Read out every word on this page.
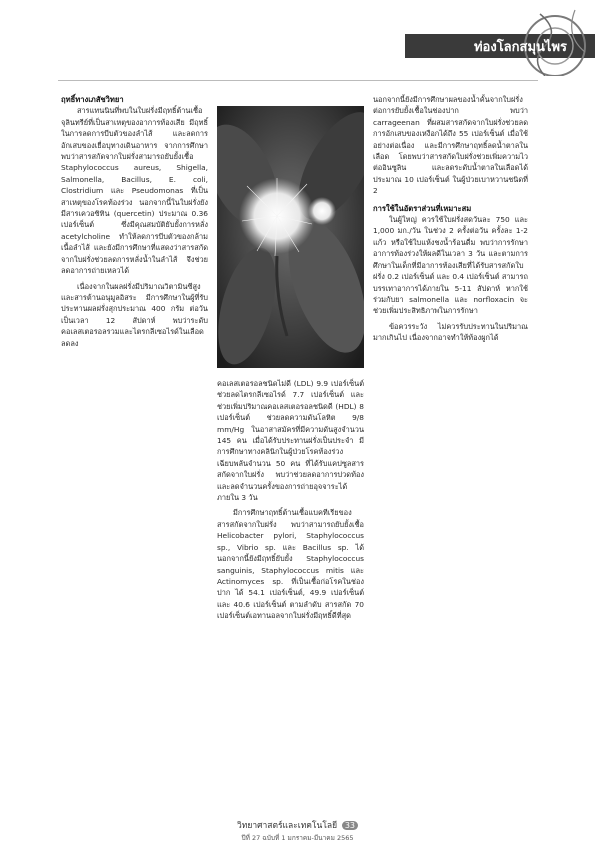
ท่องโลกสมุนไพร
ฤทธิ์ทางเภสัชวิทยา

สารแทนนินที่พบในใบฝรั่งมีฤทธิ์ต้านเชื้อจุลินทรีย์ที่เป็นสาเหตุของอาการท้องเสีย มีฤทธิ์ในการลดการบีบตัวของลำไส้ และลดการอักเสบของเยื่อบุทางเดินอาหาร จากการศึกษาพบว่าสารสกัดจากใบฝรั่งสามารถยับยั้งเชื้อ Staphylococcus aureus, Shigella, Salmonella, Bacillus, E. coli, Clostridium และ Pseudomonas ที่เป็นสาเหตุของโรคท้องร่วง นอกจากนี้ในใบฝรั่งยังมีสารเควอซิทิน (quercetin) ประมาณ 0.36 เปอร์เซ็นต์ ซึ่งมีคุณสมบัติยับยั้งการหลั่ง acetylcholine ทำให้ลดการบีบตัวของกล้ามเนื้อลำไส้ และยังมีการศึกษาที่แสดงว่าสารสกัดจากใบฝรั่งช่วยลดการหลั่งน้ำในลำไส้ จึงช่วยลดอาการถ่ายเหลวได้

เนื่องจากในผลฝรั่งมีปริมาณวิตามินซีสูง และสารต้านอนุมูลอิสระ มีการศึกษาในผู้ที่รับประทานผลฝรั่งสุกประมาณ 400 กรัม ต่อวัน เป็นเวลา 12 สัปดาห์ พบว่าระดับคอเลสเตอรอลรวมและไตรกลีเซอไรด์ในเลือดลดลง

คอเลสเตอรอลชนิดไม่ดี (LDL) 9.9 เปอร์เซ็นต์ ช่วยลดไตรกลีเซอไรด์ 7.7 เปอร์เซ็นต์ และช่วยเพิ่มปริมาณคอเลสเตอรอลชนิดดี (HDL) 8 เปอร์เซ็นต์ ช่วยลดความดันโลหิต 9/8 mm/Hg ในอาสาสมัครที่มีความดันสูงจำนวน 145 คน เมื่อได้รับประทานฝรั่งเป็นประจำ มีการศึกษาทางคลินิกในผู้ป่วยโรคท้องร่วงเฉียบพลันจำนวน 50 คน ที่ได้รับแคปซูลสารสกัดจากใบฝรั่ง พบว่าช่วยลดอาการปวดท้อง และลดจำนวนครั้งของการถ่ายอุจจาระได้ภายใน 3 วัน

มีการศึกษาฤทธิ์ต้านเชื้อแบคทีเรียของสารสกัดจากใบฝรั่ง พบว่าสามารถยับยั้งเชื้อ Helicobacter pylori, Staphylococcus sp., Vibrio sp. และ Bacillus sp. ได้ นอกจากนี้ยังมีฤทธิ์ยับยั้ง Staphylococcus sanguinis, Staphylococcus mitis และ Actinomyces sp. ที่เป็นเชื้อก่อโรคในช่องปาก ได้ 54.1 เปอร์เซ็นต์, 49.9 เปอร์เซ็นต์ และ 40.6 เปอร์เซ็นต์ ตามลำดับ สารสกัด 70 เปอร์เซ็นต์เอทานอลจากใบฝรั่งมีฤทธิ์ดีที่สุด

นอกจากนี้ยังมีการศึกษาผลของน้ำคั้นจากใบฝรั่งต่อการยับยั้งเชื้อในช่องปาก พบว่า carrageenan ที่ผสมสารสกัดจากใบฝรั่งช่วยลดการอักเสบของเหงือกได้ถึง 55 เปอร์เซ็นต์ เมื่อใช้อย่างต่อเนื่อง และมีการศึกษาฤทธิ์ลดน้ำตาลในเลือด โดยพบว่าสารสกัดใบฝรั่งช่วยเพิ่มความไวต่ออินซูลิน และลดระดับน้ำตาลในเลือดได้ประมาณ 10 เปอร์เซ็นต์ ในผู้ป่วยเบาหวานชนิดที่ 2

การใช้ในอัตราส่วนที่เหมาะสม

ในผู้ใหญ่ ควรใช้ใบฝรั่งสดวันละ 750 และ 1,000 มก./วัน ในช่วง 2 ครั้งต่อวัน ครั้งละ 1-2 แก้ว หรือใช้ใบแห้งชงน้ำร้อนดื่ม พบว่าการรักษาอาการท้องร่วงให้ผลดีในเวลา 3 วัน และตามการศึกษาในเด็กที่มีอาการท้องเสียที่ได้รับสารสกัดใบฝรั่ง 0.2 เปอร์เซ็นต์ และ 0.4 เปอร์เซ็นต์ สามารถบรรเทาอาการได้ภายใน 5-11 สัปดาห์ หากใช้ร่วมกับยา salmonella และ norfloxacin จะช่วยเพิ่มประสิทธิภาพในการรักษา

ข้อควรระวัง ไม่ควรรับประทานในปริมาณมากเกินไป เนื่องจากอาจทำให้ท้องผูกได้

วิทยาศาสตร์และเทคโนโลยี 33
ปีที่ 27 ฉบับที่ 1 มกราคม-มีนาคม 2565
